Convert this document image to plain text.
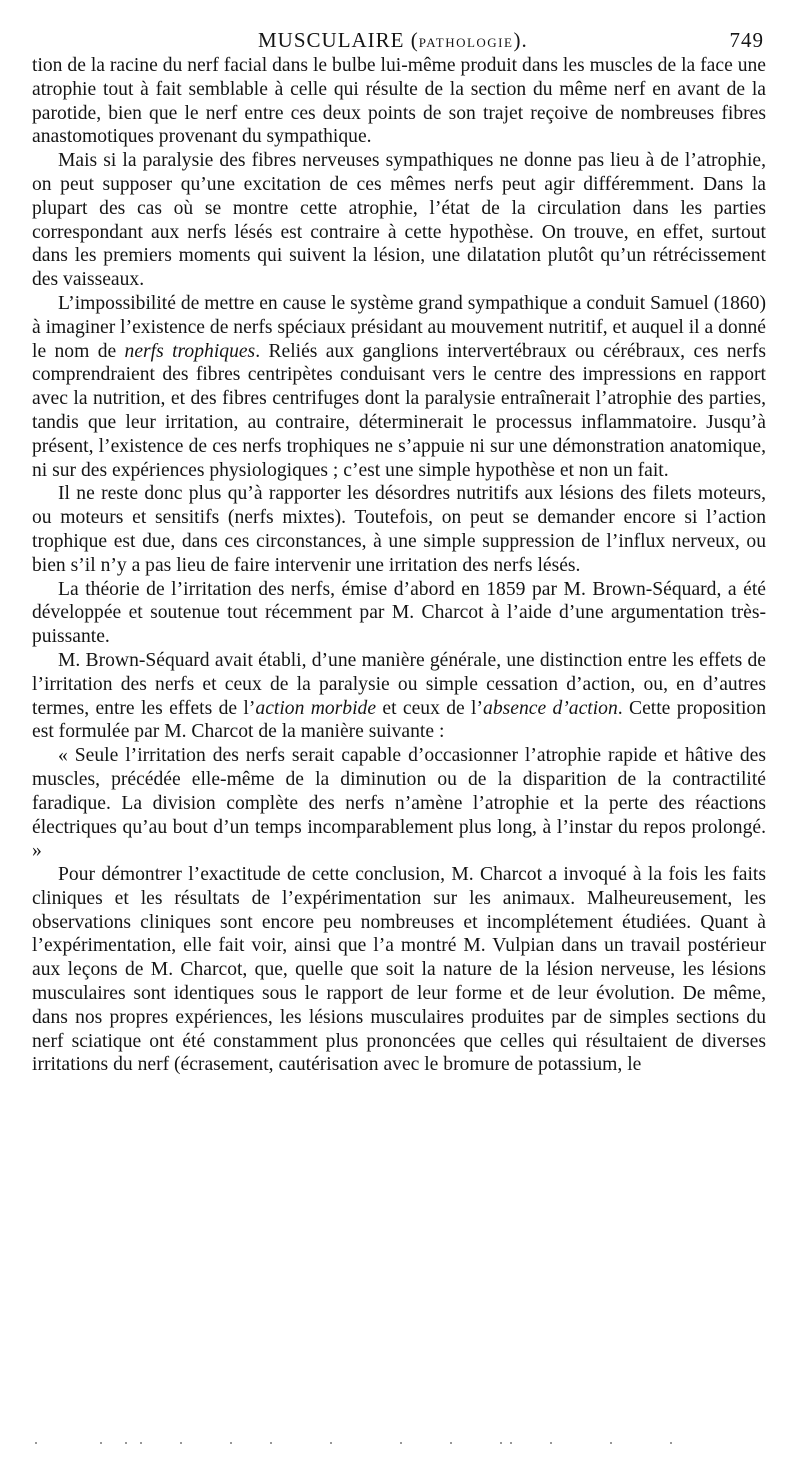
MUSCULAIRE (PATHOLOGIE).	749

tion de la racine du nerf facial dans le bulbe lui-même produit dans les muscles de la face une atrophie tout à fait semblable à celle qui résulte de la section du même nerf en avant de la parotide, bien que le nerf entre ces deux points de son trajet reçoive de nombreuses fibres anastomotiques provenant du sympathique.

Mais si la paralysie des fibres nerveuses sympathiques ne donne pas lieu à de l’atrophie, on peut supposer qu’une excitation de ces mêmes nerfs peut agir différemment. Dans la plupart des cas où se montre cette atrophie, l’état de la circulation dans les parties correspondant aux nerfs lésés est contraire à cette hypothèse. On trouve, en effet, surtout dans les premiers moments qui suivent la lésion, une dilatation plutôt qu’un rétrécissement des vaisseaux.

L’impossibilité de mettre en cause le système grand sympathique a conduit Samuel (1860) à imaginer l’existence de nerfs spéciaux présidant au mouvement nutritif, et auquel il a donné le nom de nerfs trophiques. Reliés aux ganglions intervertébraux ou cérébraux, ces nerfs comprendraient des fibres centripètes conduisant vers le centre des impressions en rapport avec la nutrition, et des fibres centrifuges dont la paralysie entraînerait l’atrophie des parties, tandis que leur irritation, au contraire, déterminerait le processus inflammatoire. Jusqu’à présent, l’existence de ces nerfs trophiques ne s’appuie ni sur une démonstration anatomique, ni sur des expériences physiologiques ; c’est une simple hypothèse et non un fait.

Il ne reste donc plus qu’à rapporter les désordres nutritifs aux lésions des filets moteurs, ou moteurs et sensitifs (nerfs mixtes). Toutefois, on peut se demander encore si l’action trophique est due, dans ces circonstances, à une simple suppression de l’influx nerveux, ou bien s’il n’y a pas lieu de faire intervenir une irritation des nerfs lésés.

La théorie de l’irritation des nerfs, émise d’abord en 1859 par M. Brown-Séquard, a été développée et soutenue tout récemment par M. Charcot à l’aide d’une argumentation très-puissante.

M. Brown-Séquard avait établi, d’une manière générale, une distinction entre les effets de l’irritation des nerfs et ceux de la paralysie ou simple cessation d’action, ou, en d’autres termes, entre les effets de l’action morbide et ceux de l’absence d’action. Cette proposition est formulée par M. Charcot de la manière suivante :

« Seule l’irritation des nerfs serait capable d’occasionner l’atrophie rapide et hâtive des muscles, précédée elle-même de la diminution ou de la disparition de la contractilité faradique. La division complète des nerfs n’amène l’atrophie et la perte des réactions électriques qu’au bout d’un temps incomparablement plus long, à l’instar du repos prolongé. »

Pour démontrer l’exactitude de cette conclusion, M. Charcot a invoqué à la fois les faits cliniques et les résultats de l’expérimentation sur les animaux. Malheureusement, les observations cliniques sont encore peu nombreuses et incomplétement étudiées. Quant à l’expérimentation, elle fait voir, ainsi que l’a montré M. Vulpian dans un travail postérieur aux leçons de M. Charcot, que, quelle que soit la nature de la lésion nerveuse, les lésions musculaires sont identiques sous le rapport de leur forme et de leur évolution. De même, dans nos propres expériences, les lésions musculaires produites par de simples sections du nerf sciatique ont été constamment plus prononcées que celles qui résultaient de diverses irritations du nerf (écrasement, cautérisation avec le bromure de potassium, le
